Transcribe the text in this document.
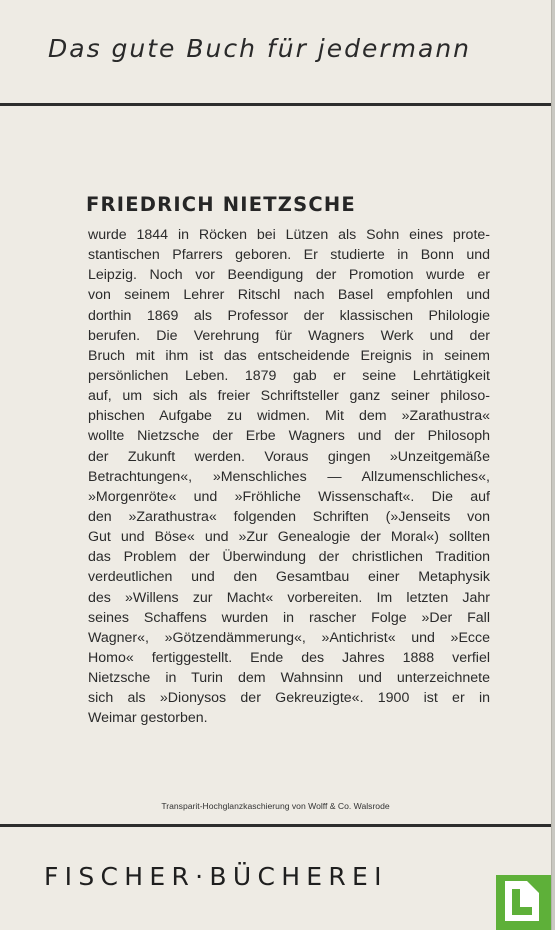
Das gute Buch für jedermann
FRIEDRICH NIETZSCHE
wurde 1844 in Röcken bei Lützen als Sohn eines prote-
stantischen Pfarrers geboren. Er studierte in Bonn und
Leipzig. Noch vor Beendigung der Promotion wurde er
von seinem Lehrer Ritschl nach Basel empfohlen und
dorthin 1869 als Professor der klassischen Philologie
berufen. Die Verehrung für Wagners Werk und der
Bruch mit ihm ist das entscheidende Ereignis in seinem
persönlichen Leben. 1879 gab er seine Lehrtätigkeit
auf, um sich als freier Schriftsteller ganz seiner philoso-
phischen Aufgabe zu widmen. Mit dem »Zarathustra«
wollte Nietzsche der Erbe Wagners und der Philosoph
der Zukunft werden. Voraus gingen »Unzeitgemäße
Betrachtungen«, »Menschliches — Allzumenschliches«,
»Morgenröte« und »Fröhliche Wissenschaft«. Die auf
den »Zarathustra« folgenden Schriften (»Jenseits von
Gut und Böse« und »Zur Genealogie der Moral«) sollten
das Problem der Überwindung der christlichen Tradition
verdeutlichen und den Gesamtbau einer Metaphysik
des »Willens zur Macht« vorbereiten. Im letzten Jahr
seines Schaffens wurden in rascher Folge »Der Fall
Wagner«, »Götzendämmerung«, »Antichrist« und »Ecce
Homo« fertiggestellt. Ende des Jahres 1888 verfiel
Nietzsche in Turin dem Wahnsinn und unterzeichnete
sich als »Dionysos der Gekreuzigte«. 1900 ist er in
Weimar gestorben.
Transparit-Hochglanzkaschierung von Wolff & Co. Walsrode
FISCHER·BÜCHEREI
